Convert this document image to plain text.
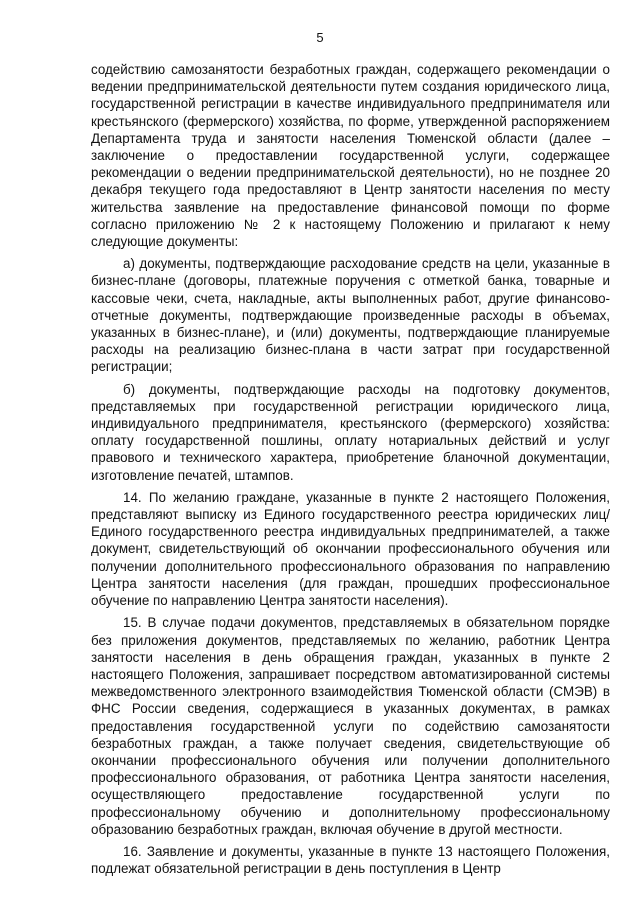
5

содействию самозанятости безработных граждан, содержащего рекомендации о ведении предпринимательской деятельности путем создания юридического лица, государственной регистрации в качестве индивидуального предпринимателя или крестьянского (фермерского) хозяйства, по форме, утвержденной распоряжением Департамента труда и занятости населения Тюменской области (далее – заключение о предоставлении государственной услуги, содержащее рекомендации о ведении предпринимательской деятельности), но не позднее 20 декабря текущего года предоставляют в Центр занятости населения по месту жительства заявление на предоставление финансовой помощи по форме согласно приложению № 2 к настоящему Положению и прилагают к нему следующие документы:

а) документы, подтверждающие расходование средств на цели, указанные в бизнес-плане (договоры, платежные поручения с отметкой банка, товарные и кассовые чеки, счета, накладные, акты выполненных работ, другие финансово-отчетные документы, подтверждающие произведенные расходы в объемах, указанных в бизнес-плане), и (или) документы, подтверждающие планируемые расходы на реализацию бизнес-плана в части затрат при государственной регистрации;

б) документы, подтверждающие расходы на подготовку документов, представляемых при государственной регистрации юридического лица, индивидуального предпринимателя, крестьянского (фермерского) хозяйства: оплату государственной пошлины, оплату нотариальных действий и услуг правового и технического характера, приобретение бланочной документации, изготовление печатей, штампов.

14. По желанию граждане, указанные в пункте 2 настоящего Положения, представляют выписку из Единого государственного реестра юридических лиц/ Единого государственного реестра индивидуальных предпринимателей, а также документ, свидетельствующий об окончании профессионального обучения или получении дополнительного профессионального образования по направлению Центра занятости населения (для граждан, прошедших профессиональное обучение по направлению Центра занятости населения).

15. В случае подачи документов, представляемых в обязательном порядке без приложения документов, представляемых по желанию, работник Центра занятости населения в день обращения граждан, указанных в пункте 2 настоящего Положения, запрашивает посредством автоматизированной системы межведомственного электронного взаимодействия Тюменской области (СМЭВ) в ФНС России сведения, содержащиеся в указанных документах, в рамках предоставления государственной услуги по содействию самозанятости безработных граждан, а также получает сведения, свидетельствующие об окончании профессионального обучения или получении дополнительного профессионального образования, от работника Центра занятости населения, осуществляющего предоставление государственной услуги по профессиональному обучению и дополнительному профессиональному образованию безработных граждан, включая обучение в другой местности.

16. Заявление и документы, указанные в пункте 13 настоящего Положения, подлежат обязательной регистрации в день поступления в Центр
